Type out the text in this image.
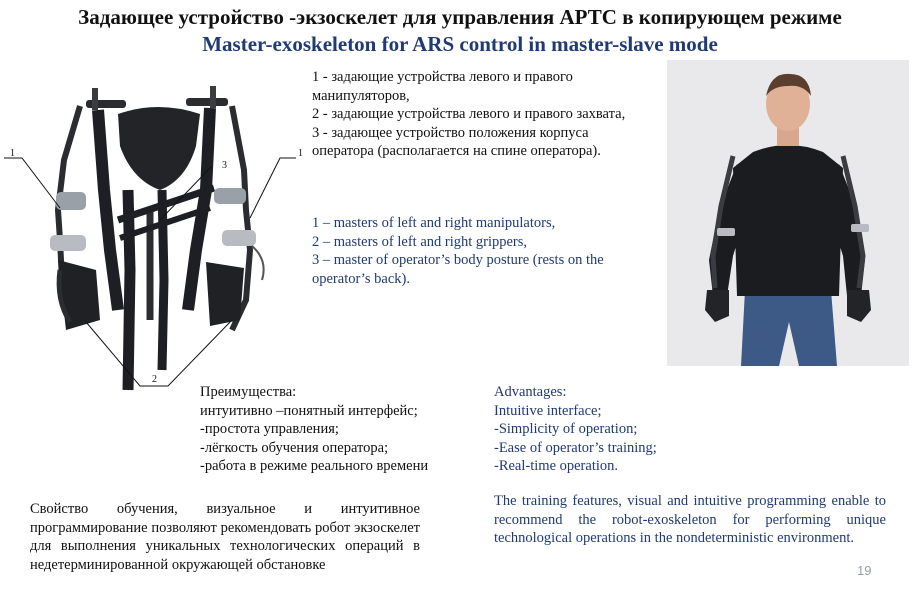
Задающее устройство -экзоскелет для управления АРТС в копирующем режиме
Master-exoskeleton for ARS control in master-slave mode
1	1
3
2

1 - задающие устройства левого и правого манипуляторов,

2 - задающие устройства левого и правого захвата,

3 - задающее устройство положения корпуса оператора (располагается на спине оператора).

1 – masters of left and right manipulators,

2 – masters of left and right grippers,

3 – master of operator’s body posture (rests on the operator’s back).

Преимущества:

интуитивно –понятный интерфейс;

-простота управления;

-лёгкость обучения оператора;

-работа в режиме реального времени

Advantages:

Intuitive interface;

-Simplicity of operation;

-Ease of operator’s training;

-Real-time operation.

Свойство обучения, визуальное и интуитивное программирование позволяют рекомендовать робот экзоскелет для выполнения уникальных технологических операций в недетерминированной окружающей обстановке

The training features, visual and intuitive programming enable to recommend the robot-exoskeleton for performing unique technological operations in the nondeterministic environment.

19
